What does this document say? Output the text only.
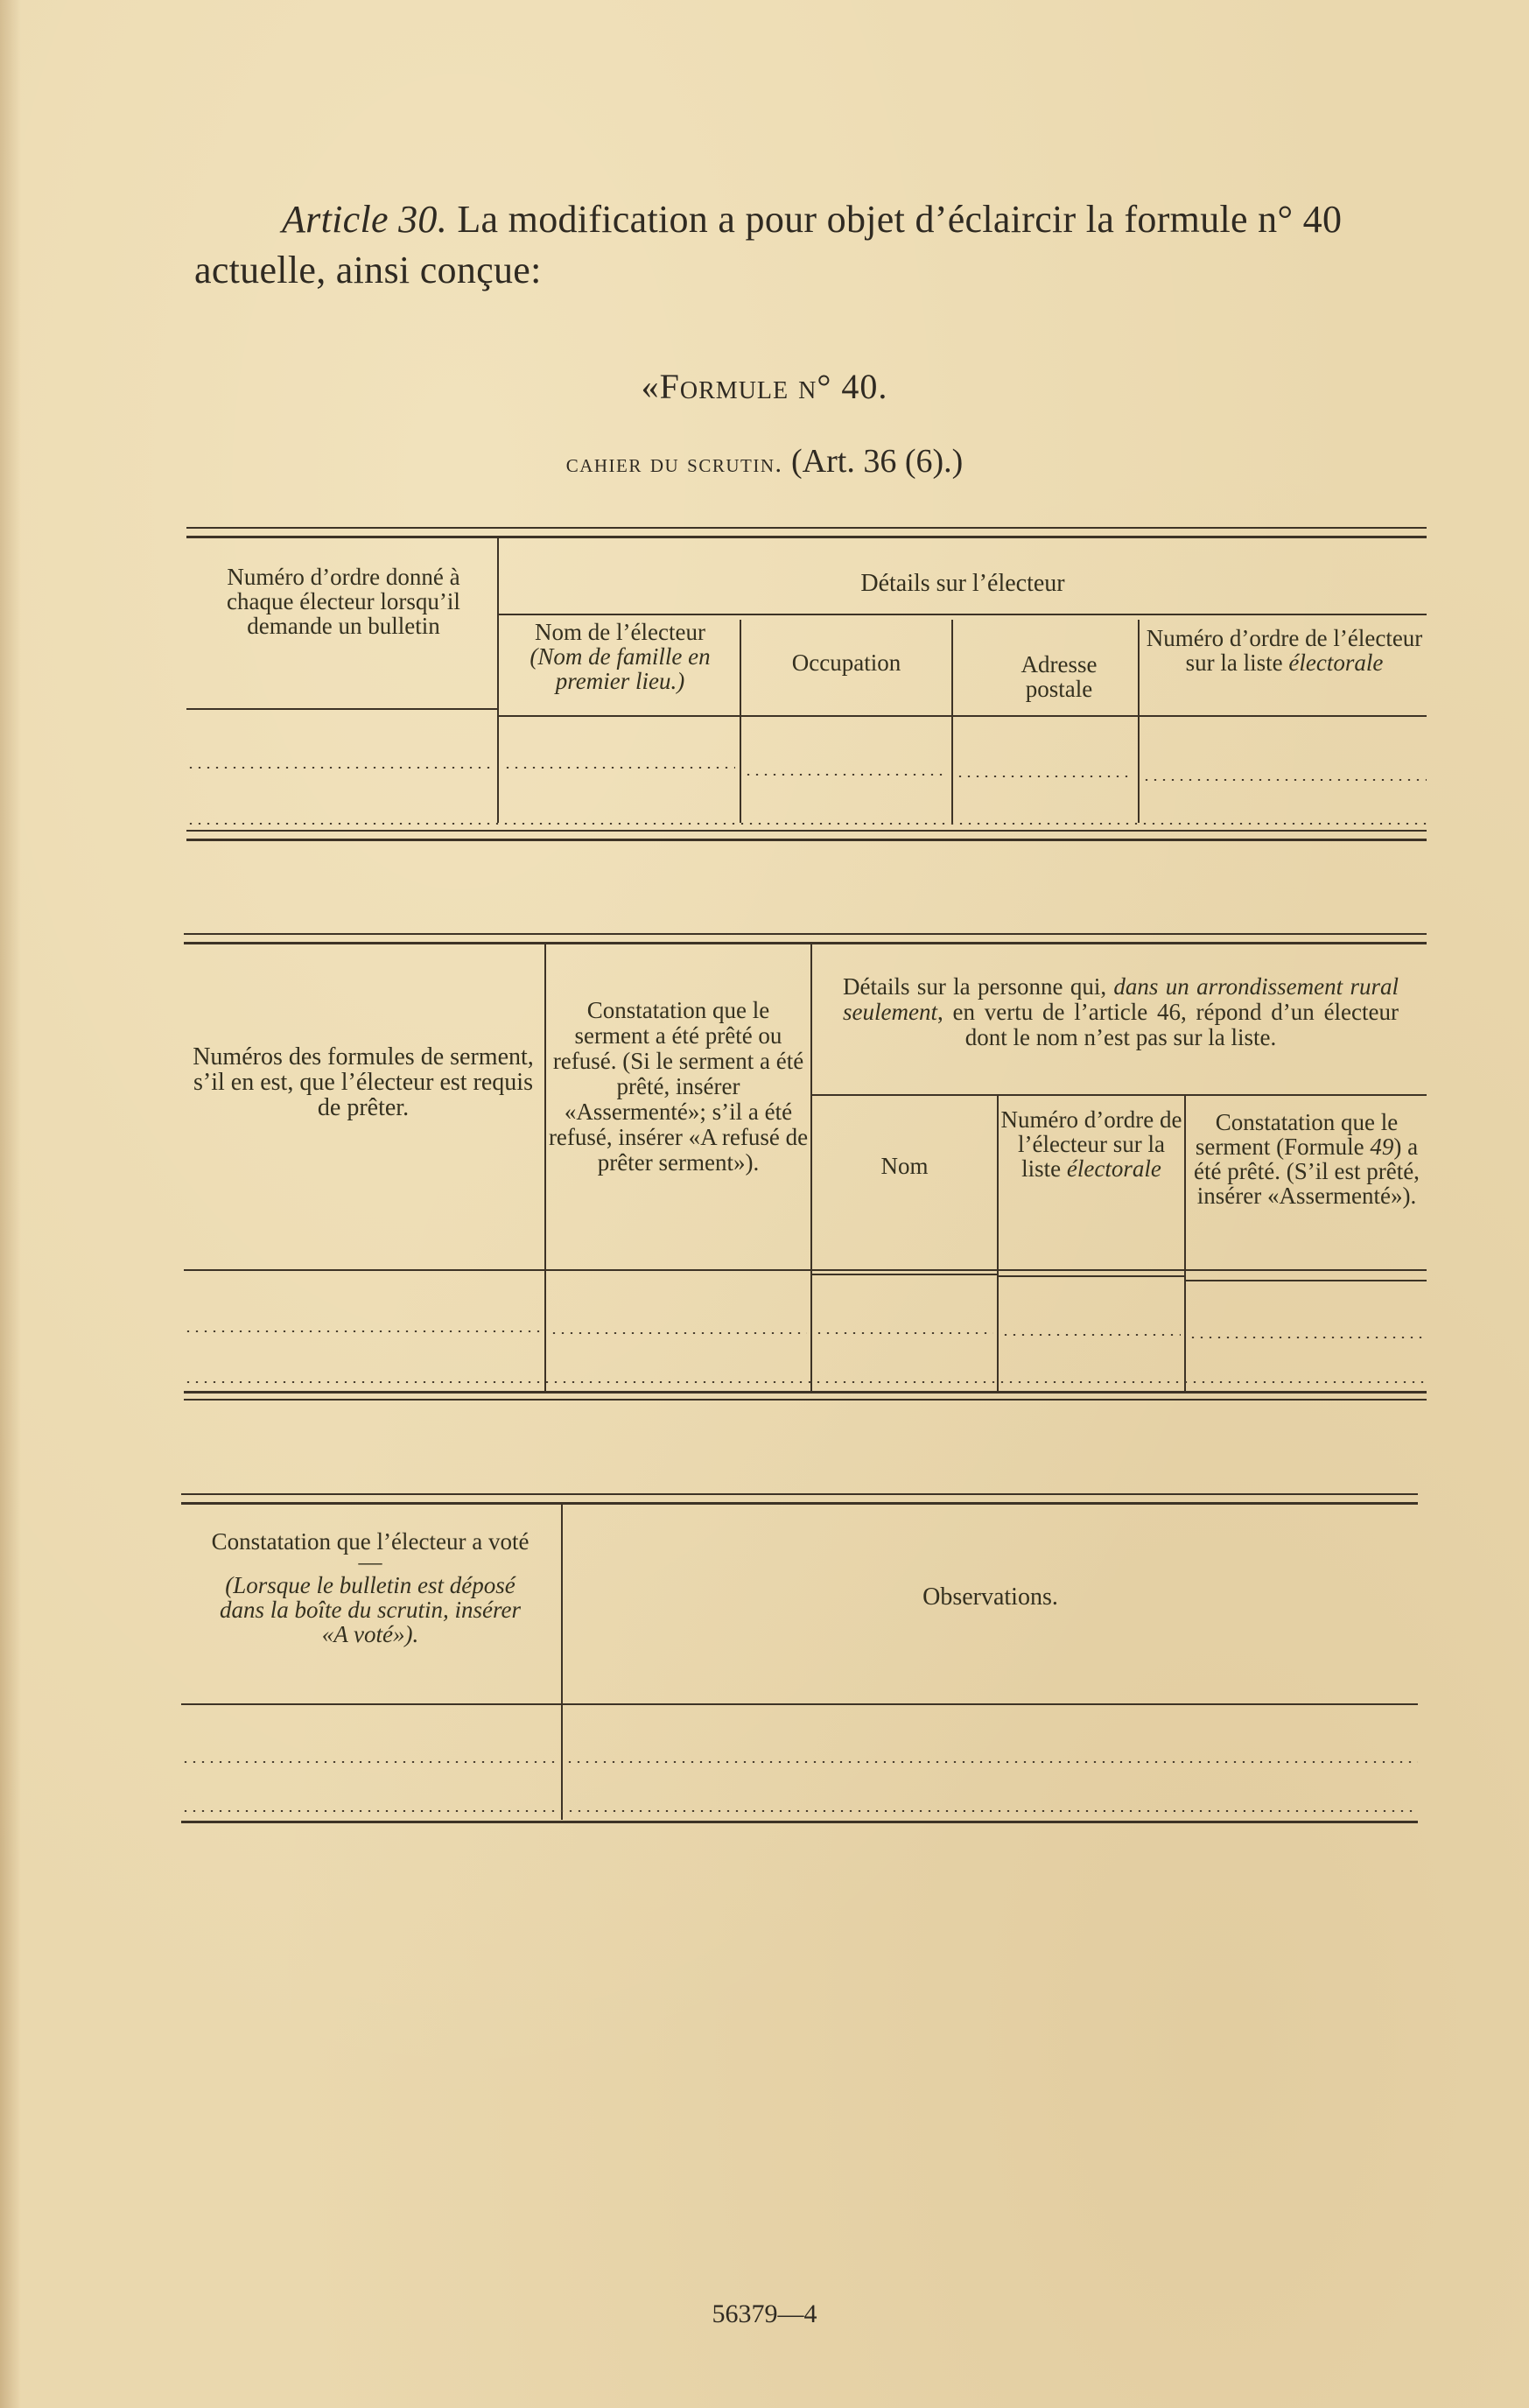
Article 30. La modification a pour objet d’éclaircir la formule n° 40 actuelle, ainsi conçue:
«Formule n° 40.
cahier du scrutin. (Art. 36 (6).)
Numéro d’ordre donné à chaque électeur lorsqu’il demande un bulletin
Détails sur l’électeur
Nom de l’électeur
(Nom de famille en premier lieu.)
Occupation	Adresse postale
Numéro d’ordre de l’électeur sur la liste électorale
Numéros des formules de serment, s’il en est, que l’électeur est requis de prêter.
Constatation que le serment a été prêté ou refusé. (Si le serment a été prêté, insérer «Assermenté»; s’il a été refusé, insérer «A refusé de prêter serment»).
Détails sur la personne qui, dans un arrondissement rural seulement, en vertu de l’article 46, répond d’un électeur dont le nom n’est pas sur la liste.
Nom
Numéro d’ordre de l’électeur sur la liste électorale
Constatation que le serment (Formule 49) a été prêté. (S’il est prêté, insérer «Assermenté»).
Constatation que l’électeur a voté
—
(Lorsque le bulletin est déposé dans la boîte du scrutin, insérer «A voté»).
Observations.
56379—4
